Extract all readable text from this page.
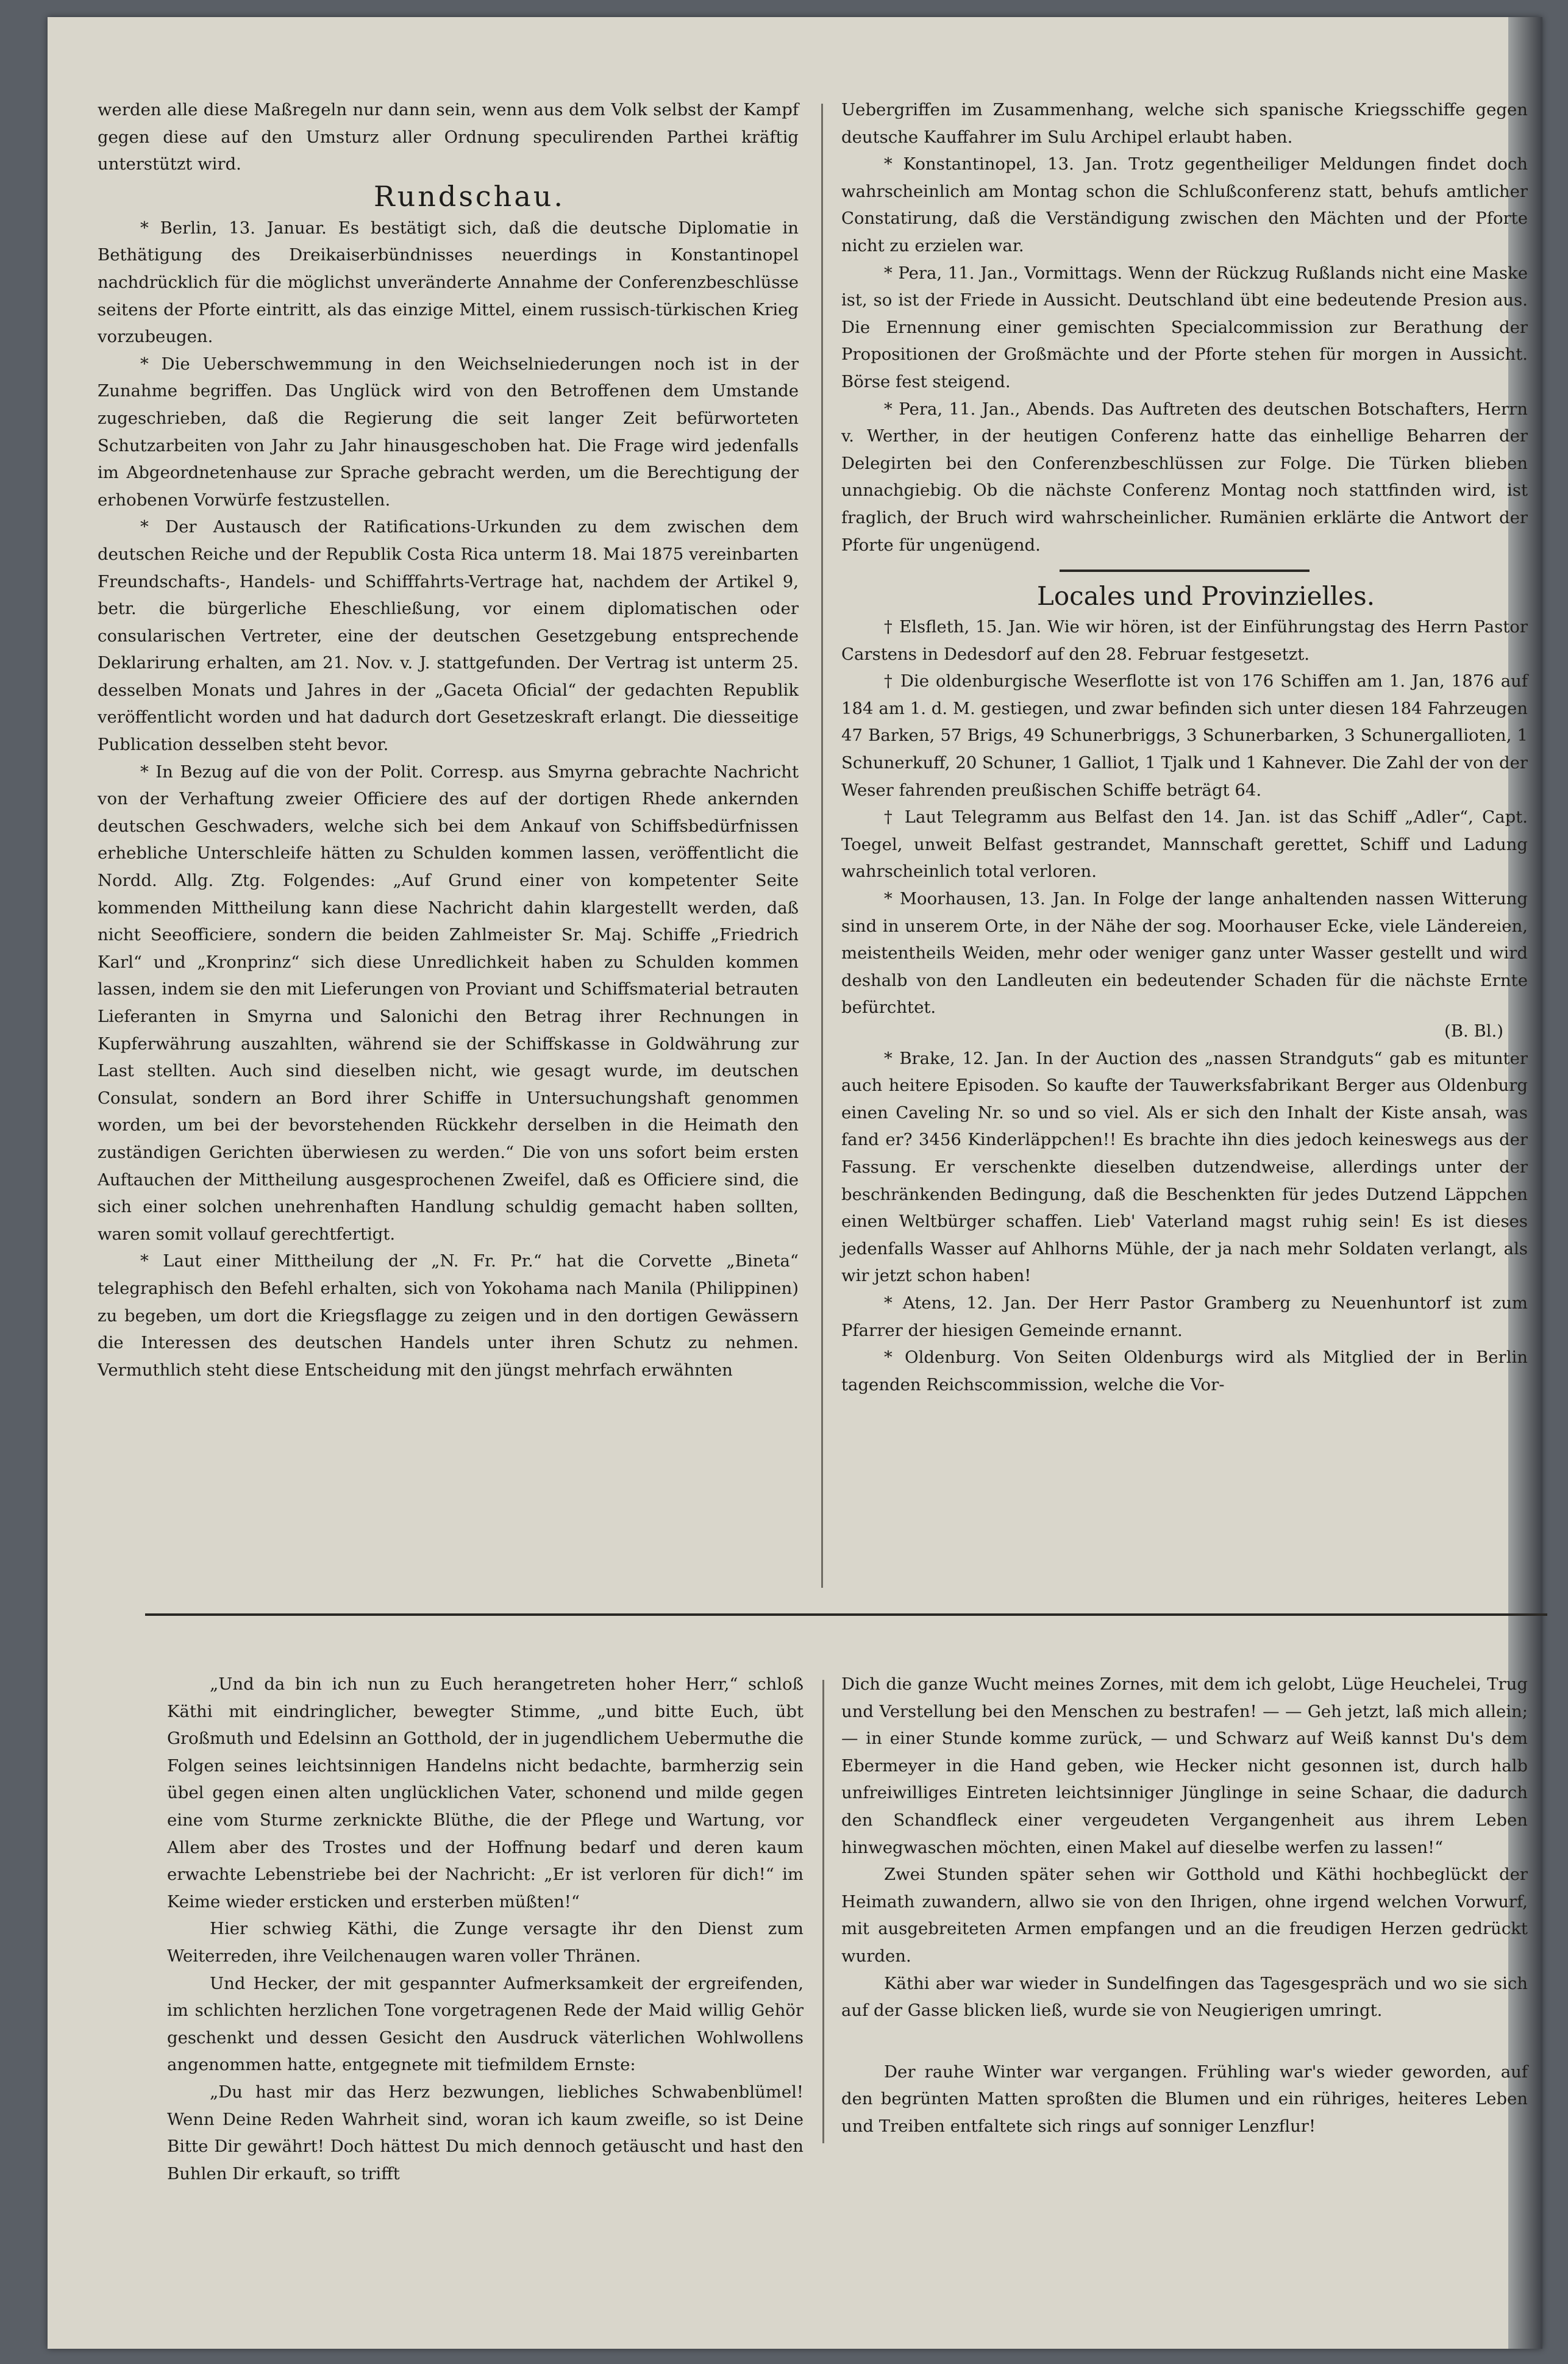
werden alle diese Maßregeln nur dann sein, wenn aus dem Volk selbst der Kampf gegen diese auf den Umsturz aller Ordnung speculirenden Parthei kräftig unterstützt wird.

Rundschau.

* Berlin, 13. Januar. Es bestätigt sich, daß die deutsche Diplomatie in Bethätigung des Dreikaiserbündnisses neuerdings in Konstantinopel nachdrücklich für die möglichst unveränderte Annahme der Conferenzbeschlüsse seitens der Pforte eintritt, als das einzige Mittel, einem russisch-türkischen Krieg vorzubeugen.

* Die Ueberschwemmung in den Weichselniederungen noch ist in der Zunahme begriffen. Das Unglück wird von den Betroffenen dem Umstande zugeschrieben, daß die Regierung die seit langer Zeit befürworteten Schutzarbeiten von Jahr zu Jahr hinausgeschoben hat. Die Frage wird jedenfalls im Abgeordnetenhause zur Sprache gebracht werden, um die Berechtigung der erhobenen Vorwürfe festzustellen.

* Der Austausch der Ratifications-Urkunden zu dem zwischen dem deutschen Reiche und der Republik Costa Rica unterm 18. Mai 1875 vereinbarten Freundschafts-, Handels- und Schifffahrts-Vertrage hat, nachdem der Artikel 9, betr. die bürgerliche Eheschließung, vor einem diplomatischen oder consularischen Vertreter, eine der deutschen Gesetzgebung entsprechende Deklarirung erhalten, am 21. Nov. v. J. stattgefunden. Der Vertrag ist unterm 25. desselben Monats und Jahres in der „Gaceta Oficial“ der gedachten Republik veröffentlicht worden und hat dadurch dort Gesetzeskraft erlangt. Die diesseitige Publication desselben steht bevor.

* In Bezug auf die von der Polit. Corresp. aus Smyrna gebrachte Nachricht von der Verhaftung zweier Officiere des auf der dortigen Rhede ankernden deutschen Geschwaders, welche sich bei dem Ankauf von Schiffsbedürfnissen erhebliche Unterschleife hätten zu Schulden kommen lassen, veröffentlicht die Nordd. Allg. Ztg. Folgendes: „Auf Grund einer von kompetenter Seite kommenden Mittheilung kann diese Nachricht dahin klargestellt werden, daß nicht Seeofficiere, sondern die beiden Zahlmeister Sr. Maj. Schiffe „Friedrich Karl“ und „Kronprinz“ sich diese Unredlichkeit haben zu Schulden kommen lassen, indem sie den mit Lieferungen von Proviant und Schiffsmaterial betrauten Lieferanten in Smyrna und Salonichi den Betrag ihrer Rechnungen in Kupferwährung auszahlten, während sie der Schiffskasse in Goldwährung zur Last stellten. Auch sind dieselben nicht, wie gesagt wurde, im deutschen Consulat, sondern an Bord ihrer Schiffe in Untersuchungshaft genommen worden, um bei der bevorstehenden Rückkehr derselben in die Heimath den zuständigen Gerichten überwiesen zu werden.“ Die von uns sofort beim ersten Auftauchen der Mittheilung ausgesprochenen Zweifel, daß es Officiere sind, die sich einer solchen unehrenhaften Handlung schuldig gemacht haben sollten, waren somit vollauf gerechtfertigt.

* Laut einer Mittheilung der „N. Fr. Pr.“ hat die Corvette „Bineta“ telegraphisch den Befehl erhalten, sich von Yokohama nach Manila (Philippinen) zu begeben, um dort die Kriegsflagge zu zeigen und in den dortigen Gewässern die Interessen des deutschen Handels unter ihren Schutz zu nehmen. Vermuthlich steht diese Entscheidung mit den jüngst mehrfach erwähnten

Uebergriffen im Zusammenhang, welche sich spanische Kriegsschiffe gegen deutsche Kauffahrer im Sulu Archipel erlaubt haben.

* Konstantinopel, 13. Jan. Trotz gegentheiliger Meldungen findet doch wahrscheinlich am Montag schon die Schlußconferenz statt, behufs amtlicher Constatirung, daß die Verständigung zwischen den Mächten und der Pforte nicht zu erzielen war.

* Pera, 11. Jan., Vormittags. Wenn der Rückzug Rußlands nicht eine Maske ist, so ist der Friede in Aussicht. Deutschland übt eine bedeutende Presion aus. Die Ernennung einer gemischten Specialcommission zur Berathung der Propositionen der Großmächte und der Pforte stehen für morgen in Aussicht. Börse fest steigend.

* Pera, 11. Jan., Abends. Das Auftreten des deutschen Botschafters, Herrn v. Werther, in der heutigen Conferenz hatte das einhellige Beharren der Delegirten bei den Conferenzbeschlüssen zur Folge. Die Türken blieben unnachgiebig. Ob die nächste Conferenz Montag noch stattfinden wird, ist fraglich, der Bruch wird wahrscheinlicher. Rumänien erklärte die Antwort der Pforte für ungenügend.

Locales und Provinzielles.

† Elsfleth, 15. Jan. Wie wir hören, ist der Einführungstag des Herrn Pastor Carstens in Dedesdorf auf den 28. Februar festgesetzt.

† Die oldenburgische Weserflotte ist von 176 Schiffen am 1. Jan, 1876 auf 184 am 1. d. M. gestiegen, und zwar befinden sich unter diesen 184 Fahrzeugen 47 Barken, 57 Brigs, 49 Schunerbriggs, 3 Schunerbarken, 3 Schunergallioten, 1 Schunerkuff, 20 Schuner, 1 Galliot, 1 Tjalk und 1 Kahnever. Die Zahl der von der Weser fahrenden preußischen Schiffe beträgt 64.

† Laut Telegramm aus Belfast den 14. Jan. ist das Schiff „Adler“, Capt. Toegel, unweit Belfast gestrandet, Mannschaft gerettet, Schiff und Ladung wahrscheinlich total verloren.

* Moorhausen, 13. Jan. In Folge der lange anhaltenden nassen Witterung sind in unserem Orte, in der Nähe der sog. Moorhauser Ecke, viele Ländereien, meistentheils Weiden, mehr oder weniger ganz unter Wasser gestellt und wird deshalb von den Landleuten ein bedeutender Schaden für die nächste Ernte befürchtet.

(B. Bl.)

* Brake, 12. Jan. In der Auction des „nassen Strandguts“ gab es mitunter auch heitere Episoden. So kaufte der Tauwerksfabrikant Berger aus Oldenburg einen Caveling Nr. so und so viel. Als er sich den Inhalt der Kiste ansah, was fand er? 3456 Kinderläppchen!! Es brachte ihn dies jedoch keineswegs aus der Fassung. Er verschenkte dieselben dutzendweise, allerdings unter der beschränkenden Bedingung, daß die Beschenkten für jedes Dutzend Läppchen einen Weltbürger schaffen. Lieb' Vaterland magst ruhig sein! Es ist dieses jedenfalls Wasser auf Ahlhorns Mühle, der ja nach mehr Soldaten verlangt, als wir jetzt schon haben!

* Atens, 12. Jan. Der Herr Pastor Gramberg zu Neuenhuntorf ist zum Pfarrer der hiesigen Gemeinde ernannt.

* Oldenburg. Von Seiten Oldenburgs wird als Mitglied der in Berlin tagenden Reichscommission, welche die Vor-

„Und da bin ich nun zu Euch herangetreten hoher Herr,“ schloß Käthi mit eindringlicher, bewegter Stimme, „und bitte Euch, übt Großmuth und Edelsinn an Gotthold, der in jugendlichem Uebermuthe die Folgen seines leichtsinnigen Handelns nicht bedachte, barmherzig sein übel gegen einen alten unglücklichen Vater, schonend und milde gegen eine vom Sturme zerknickte Blüthe, die der Pflege und Wartung, vor Allem aber des Trostes und der Hoffnung bedarf und deren kaum erwachte Lebenstriebe bei der Nachricht: „Er ist verloren für dich!“ im Keime wieder ersticken und ersterben müßten!“

Hier schwieg Käthi, die Zunge versagte ihr den Dienst zum Weiterreden, ihre Veilchenaugen waren voller Thränen.

Und Hecker, der mit gespannter Aufmerksamkeit der ergreifenden, im schlichten herzlichen Tone vorgetragenen Rede der Maid willig Gehör geschenkt und dessen Gesicht den Ausdruck väterlichen Wohlwollens angenommen hatte, entgegnete mit tiefmildem Ernste:

„Du hast mir das Herz bezwungen, liebliches Schwabenblümel! Wenn Deine Reden Wahrheit sind, woran ich kaum zweifle, so ist Deine Bitte Dir gewährt! Doch hättest Du mich dennoch getäuscht und hast den Buhlen Dir erkauft, so trifft

Dich die ganze Wucht meines Zornes, mit dem ich gelobt, Lüge Heuchelei, Trug und Verstellung bei den Menschen zu bestrafen! — — Geh jetzt, laß mich allein; — in einer Stunde komme zurück, — und Schwarz auf Weiß kannst Du's dem Ebermeyer in die Hand geben, wie Hecker nicht gesonnen ist, durch halb unfreiwilliges Eintreten leichtsinniger Jünglinge in seine Schaar, die dadurch den Schandfleck einer vergeudeten Vergangenheit aus ihrem Leben hinwegwaschen möchten, einen Makel auf dieselbe werfen zu lassen!“

Zwei Stunden später sehen wir Gotthold und Käthi hochbeglückt der Heimath zuwandern, allwo sie von den Ihrigen, ohne irgend welchen Vorwurf, mit ausgebreiteten Armen empfangen und an die freudigen Herzen gedrückt wurden.

Käthi aber war wieder in Sundelfingen das Tagesgespräch und wo sie sich auf der Gasse blicken ließ, wurde sie von Neugierigen umringt.

Der rauhe Winter war vergangen. Frühling war's wieder geworden, auf den begrünten Matten sproßten die Blumen und ein rühriges, heiteres Leben und Treiben entfaltete sich rings auf sonniger Lenzflur!
